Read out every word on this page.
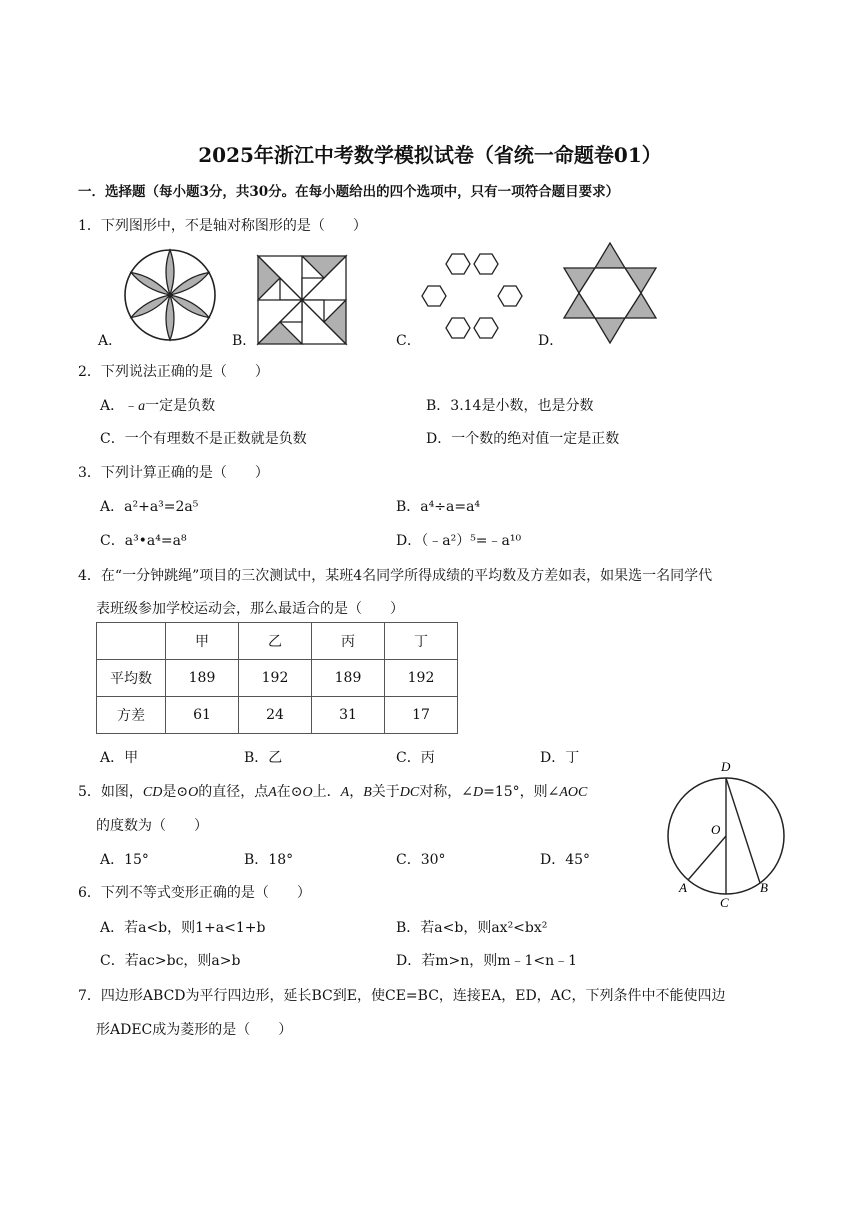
2025年浙江中考数学模拟试卷（省统一命题卷01）
一．选择题（每小题3分，共30分。在每小题给出的四个选项中，只有一项符合题目要求）
1．下列图形中，不是轴对称图形的是（　　）
A．	B．	C．	D．
2．下列说法正确的是（　　）
A．﹣a一定是负数	B．3.14是小数，也是分数
C．一个有理数不是正数就是负数	D．一个数的绝对值一定是正数
3．下列计算正确的是（　　）
A．a²+a³=2a⁵	B．a⁴÷a=a⁴
C．a³•a⁴=a⁸	D．（﹣a²）⁵=﹣a¹⁰
4．在“一分钟跳绳”项目的三次测试中，某班4名同学所得成绩的平均数及方差如表，如果选一名同学代
表班级参加学校运动会，那么最适合的是（　　）
	甲	乙	丙	丁
平均数	189	192	189	192
方差	61	24	31	17
A．甲	B．乙	C．丙	D．丁
5．如图，CD是⊙O的直径，点A在⊙O上．A，B关于DC对称，∠D=15°，则∠AOC
的度数为（　　）
D
O
A	B
C
A．15°	B．18°	C．30°	D．45°
6．下列不等式变形正确的是（　　）
A．若a<b，则1+a<1+b	B．若a<b，则ax²<bx²
C．若ac>bc，则a>b	D．若m>n，则m﹣1<n﹣1
7．四边形ABCD为平行四边形，延长BC到E，使CE=BC，连接EA，ED，AC，下列条件中不能使四边
形ADEC成为菱形的是（　　）
